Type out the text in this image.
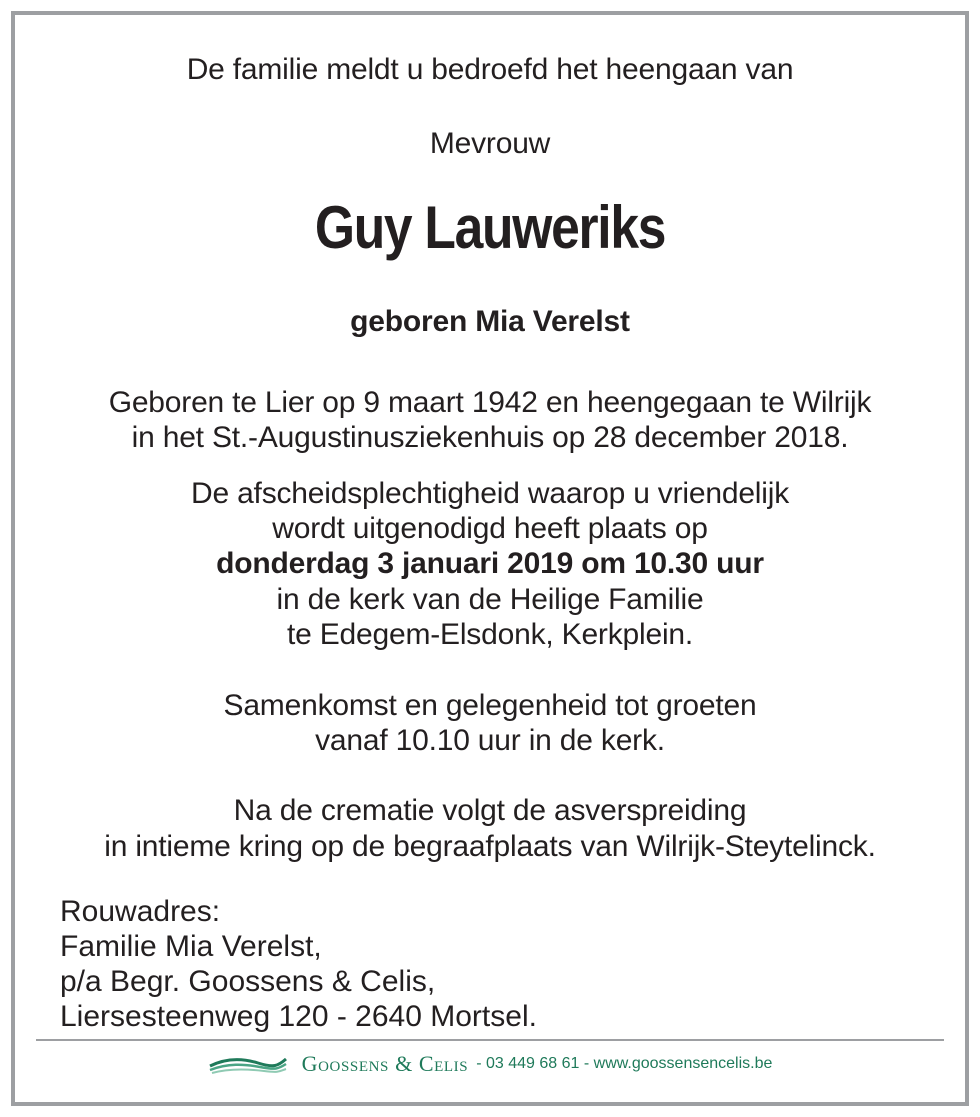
De familie meldt u bedroefd het heengaan van
Mevrouw
Guy Lauweriks
geboren Mia Verelst
Geboren te Lier op 9 maart 1942 en heengegaan te Wilrijk
in het St.-Augustinusziekenhuis op 28 december 2018.
De afscheidsplechtigheid waarop u vriendelijk
wordt uitgenodigd heeft plaats op
donderdag 3 januari 2019 om 10.30 uur
in de kerk van de Heilige Familie
te Edegem-Elsdonk, Kerkplein.
Samenkomst en gelegenheid tot groeten
vanaf 10.10 uur in de kerk.
Na de crematie volgt de asverspreiding
in intieme kring op de begraafplaats van Wilrijk-Steytelinck.
Rouwadres:
Familie Mia Verelst,
p/a Begr. Goossens & Celis,
Liersesteenweg 120 - 2640 Mortsel.
Goossens & Celis - 03 449 68 61 - www.goossensencelis.be
